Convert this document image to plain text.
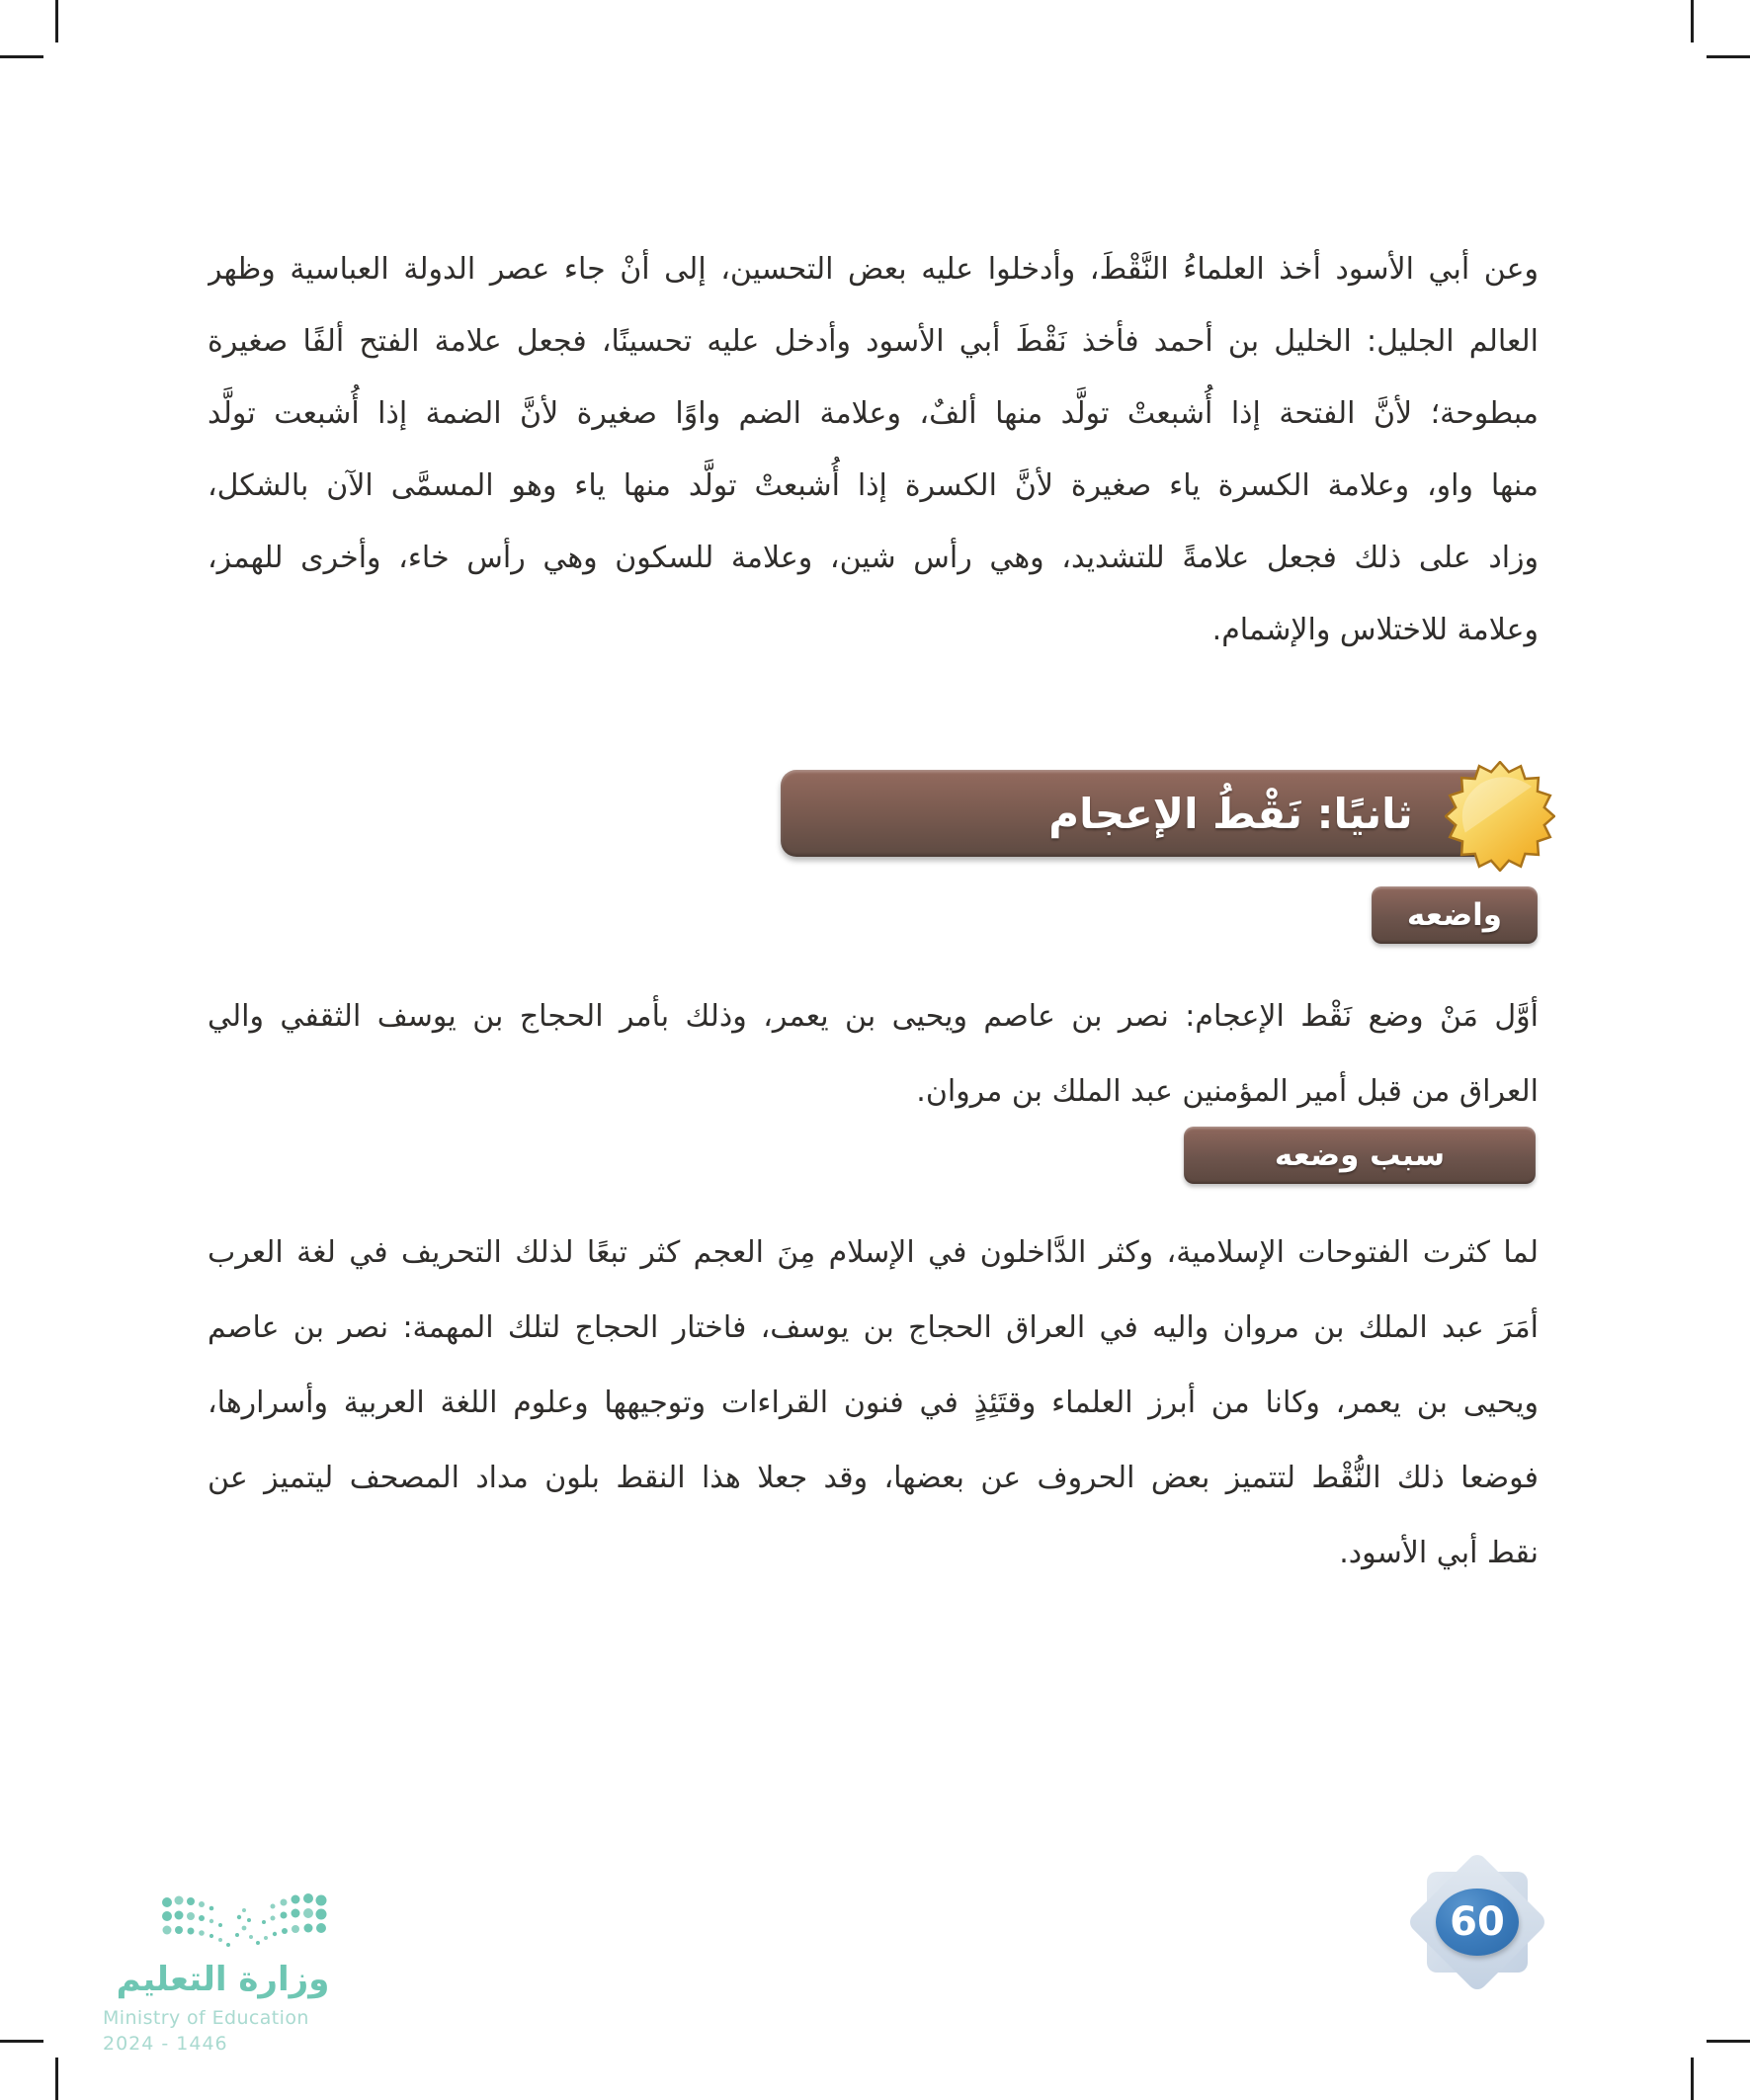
وعن أبي الأسود أخذ العلماءُ النَّقْطَ، وأدخلوا عليه بعض التحسين، إلى أنْ جاء عصر الدولة العباسية وظهر
العالم الجليل: الخليل بن أحمد فأخذ نَقْطَ أبي الأسود وأدخل عليه تحسينًا، فجعل علامة الفتح ألفًا صغيرة
مبطوحة؛ لأنَّ الفتحة إذا أُشبعتْ تولَّد منها ألفٌ، وعلامة الضم واوًا صغيرة لأنَّ الضمة إذا أُشبعت تولَّد
منها واو، وعلامة الكسرة ياء صغيرة لأنَّ الكسرة إذا أُشبعتْ تولَّد منها ياء وهو المسمَّى الآن بالشكل،
وزاد على ذلك فجعل علامةً للتشديد، وهي رأس شين، وعلامة للسكون وهي رأس خاء، وأخرى للهمز،
وعلامة للاختلاس والإشمام.
ثانيًا: نَقْطُ الإعجام
واضعه
أوَّل مَنْ وضع نَقْط الإعجام: نصر بن عاصم ويحيى بن يعمر، وذلك بأمر الحجاج بن يوسف الثقفي والي
العراق من قبل أمير المؤمنين عبد الملك بن مروان.
سبب وضعه
لما كثرت الفتوحات الإسلامية، وكثر الدَّاخلون في الإسلام مِنَ العجم كثر تبعًا لذلك التحريف في لغة العرب
أمَرَ عبد الملك بن مروان واليه في العراق الحجاج بن يوسف، فاختار الحجاج لتلك المهمة: نصر بن عاصم
ويحيى بن يعمر، وكانا من أبرز العلماء وقتَئِذٍ في فنون القراءات وتوجيهها وعلوم اللغة العربية وأسرارها،
فوضعا ذلك النُّقْط لتتميز بعض الحروف عن بعضها، وقد جعلا هذا النقط بلون مداد المصحف ليتميز عن
نقط أبي الأسود.
وزارة التعليم
Ministry of Education
2024 - 1446
60
